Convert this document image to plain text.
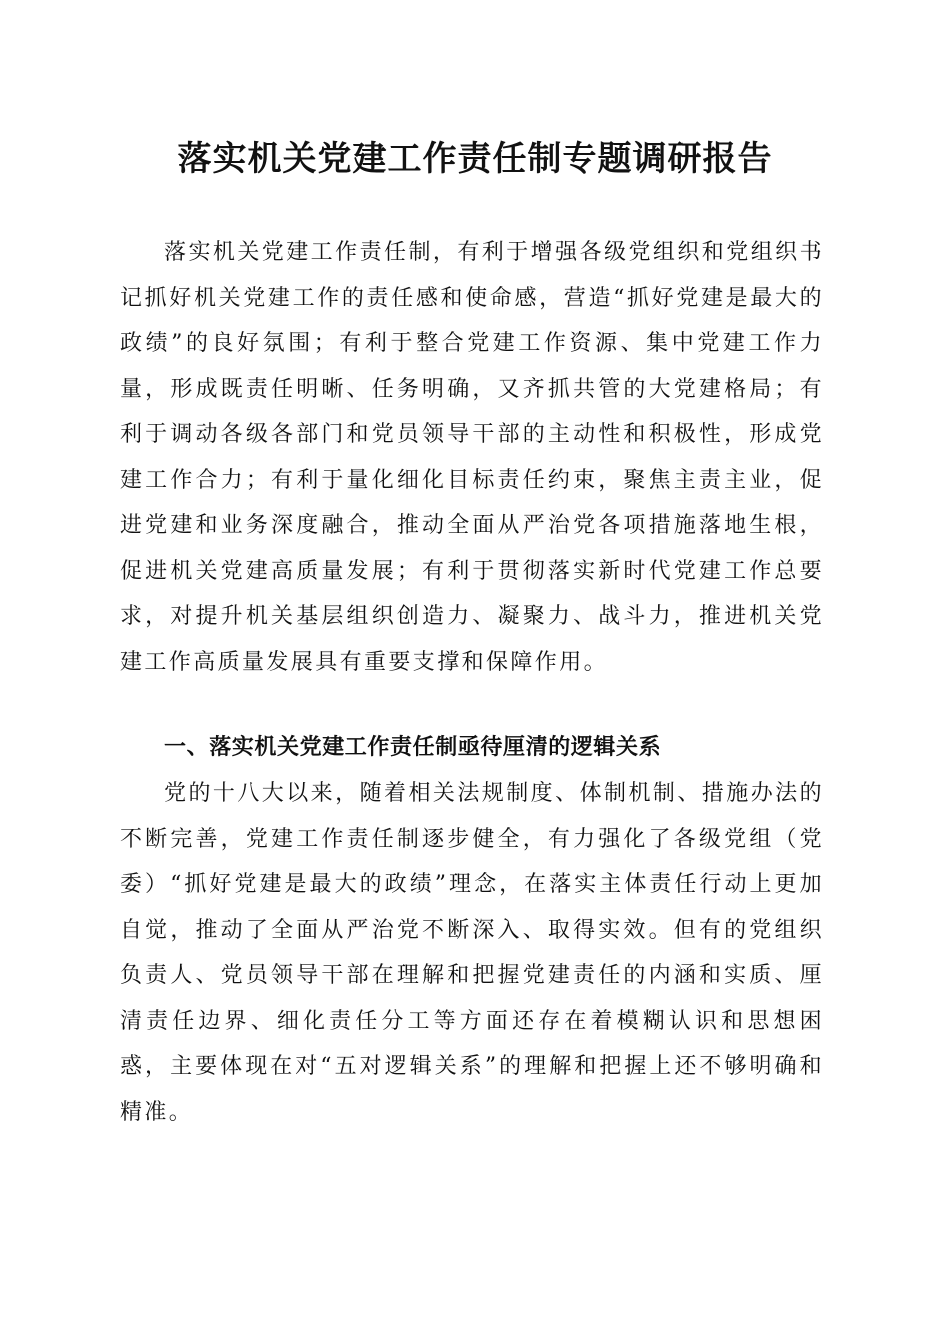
落实机关党建工作责任制专题调研报告

落实机关党建工作责任制，有利于增强各级党组织和党组织书记抓好机关党建工作的责任感和使命感，营造“抓好党建是最大的政绩”的良好氛围；有利于整合党建工作资源、集中党建工作力量，形成既责任明晰、任务明确，又齐抓共管的大党建格局；有利于调动各级各部门和党员领导干部的主动性和积极性，形成党建工作合力；有利于量化细化目标责任约束，聚焦主责主业，促进党建和业务深度融合，推动全面从严治党各项措施落地生根，促进机关党建高质量发展；有利于贯彻落实新时代党建工作总要求，对提升机关基层组织创造力、凝聚力、战斗力，推进机关党建工作高质量发展具有重要支撑和保障作用。

一、落实机关党建工作责任制亟待厘清的逻辑关系

党的十八大以来，随着相关法规制度、体制机制、措施办法的不断完善，党建工作责任制逐步健全，有力强化了各级党组（党委）“抓好党建是最大的政绩”理念，在落实主体责任行动上更加自觉，推动了全面从严治党不断深入、取得实效。但有的党组织负责人、党员领导干部在理解和把握党建责任的内涵和实质、厘清责任边界、细化责任分工等方面还存在着模糊认识和思想困惑，主要体现在对“五对逻辑关系”的理解和把握上还不够明确和精准。
